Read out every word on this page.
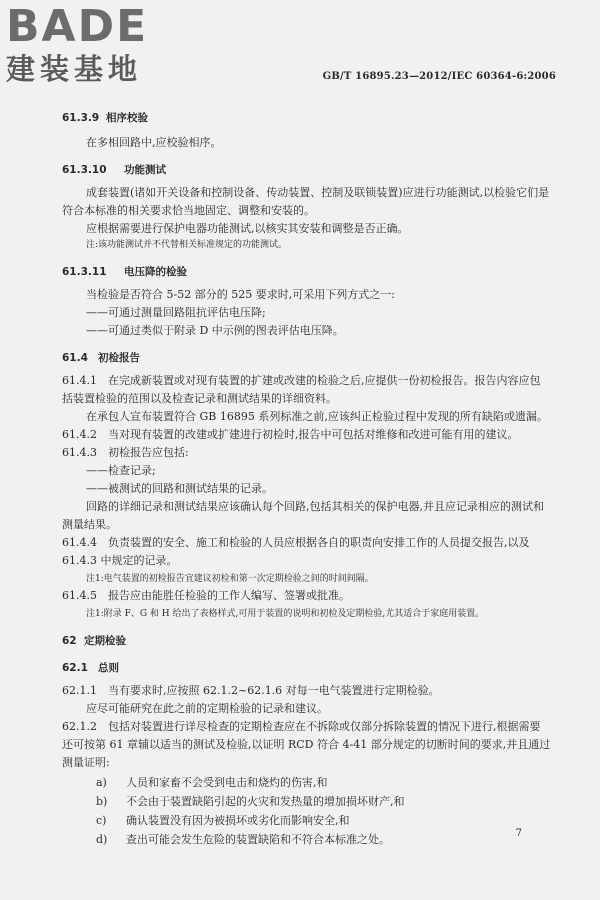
BADE
建装基地	GB/T 16895.23—2012/IEC 60364-6:2006
61.3.9 相序校验
在多相回路中,应校验相序。
61.3.10 功能测试
成套装置(诸如开关设备和控制设备、传动装置、控制及联锁装置)应进行功能测试,以检验它们是
符合本标准的相关要求恰当地固定、调整和安装的。
应根据需要进行保护电器功能测试,以核实其安装和调整是否正确。
注:该功能测试并不代替相关标准规定的功能测试。
61.3.11 电压降的检验
当检验是否符合 5-52 部分的 525 要求时,可采用下列方式之一:
——可通过测量回路阻抗评估电压降;
——可通过类似于附录 D 中示例的图表评估电压降。
61.4 初检报告
61.4.1 在完成新装置或对现有装置的扩建或改建的检验之后,应提供一份初检报告。报告内容应包
括装置检验的范围以及检查记录和测试结果的详细资料。
在承包人宣布装置符合 GB 16895 系列标准之前,应该纠正检验过程中发现的所有缺陷或遗漏。
61.4.2 当对现有装置的改建或扩建进行初检时,报告中可包括对维修和改进可能有用的建议。
61.4.3 初检报告应包括:
——检查记录;
——被测试的回路和测试结果的记录。
回路的详细记录和测试结果应该确认每个回路,包括其相关的保护电器,并且应记录相应的测试和
测量结果。
61.4.4 负责装置的安全、施工和检验的人员应根据各自的职责向安排工作的人员提交报告,以及
61.4.3 中规定的记录。
注1:电气装置的初检报告宜建议初检和第一次定期检验之间的时间间隔。
61.4.5 报告应由能胜任检验的工作人编写、签署或批准。
注1:附录 F、G 和 H 给出了表格样式,可用于装置的说明和初检及定期检验,尤其适合于家庭用装置。
62 定期检验
62.1 总则
62.1.1 当有要求时,应按照 62.1.2~62.1.6 对每一电气装置进行定期检验。
应尽可能研究在此之前的定期检验的记录和建议。
62.1.2 包括对装置进行详尽检查的定期检查应在不拆除或仅部分拆除装置的情况下进行,根据需要
还可按第 61 章辅以适当的测试及检验,以证明 RCD 符合 4-41 部分规定的切断时间的要求,并且通过
测量证明:
a) 人员和家畜不会受到电击和烧灼的伤害,和
b) 不会由于装置缺陷引起的火灾和发热量的增加损坏财产,和
c) 确认装置没有因为被损坏或劣化而影响安全,和
d) 查出可能会发生危险的装置缺陷和不符合本标准之处。	7
